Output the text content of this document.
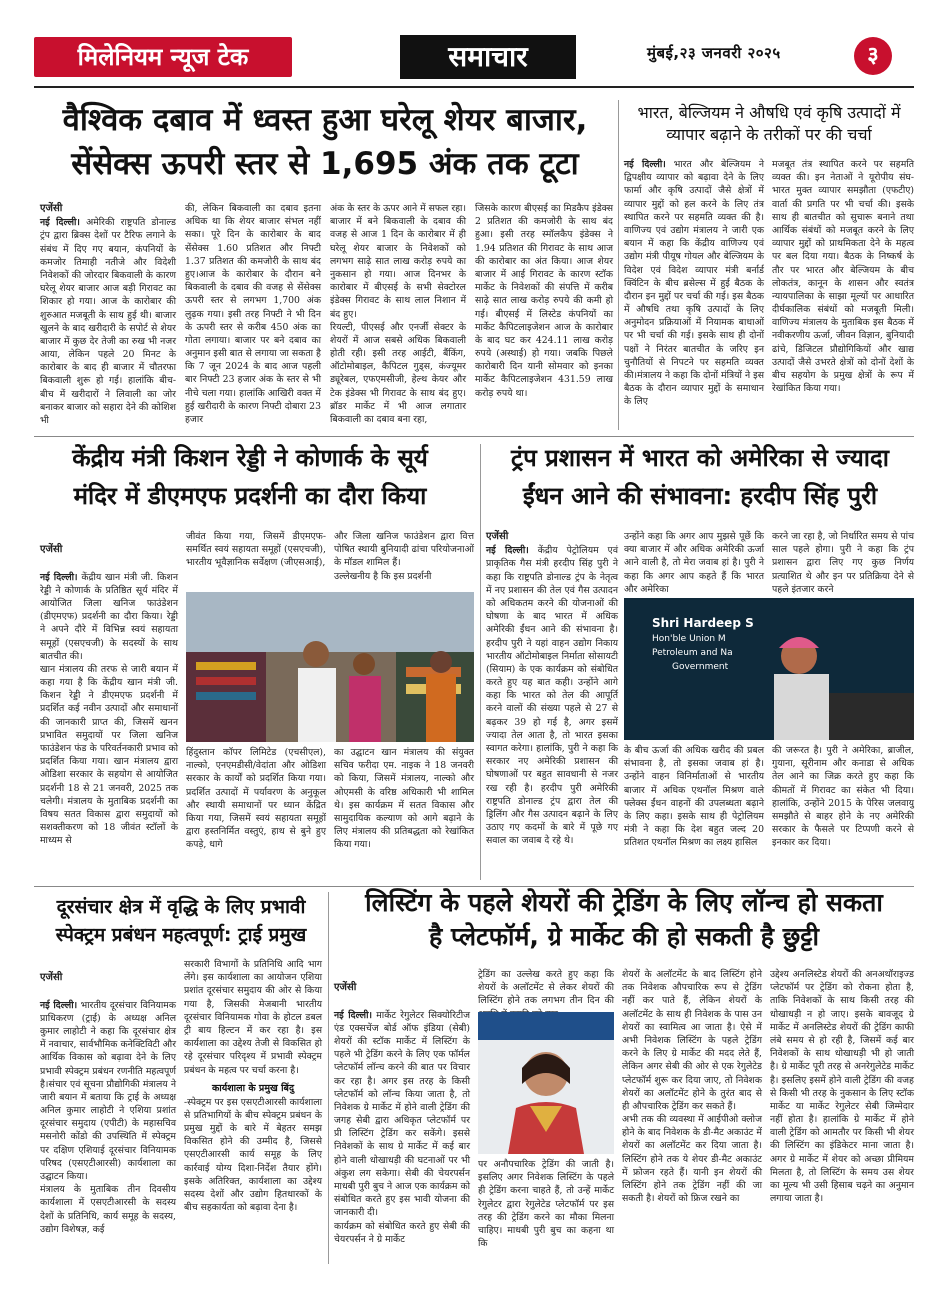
मिलेनियम न्यूज टेक	समाचार	मुंबई,२३ जनवरी २०२५	३
वैश्विक दबाव में ध्वस्त हुआ घरेलू शेयर बाजार,
सेंसेक्स ऊपरी स्तर से 1,695 अंक तक टूटा
एजेंसी
नई दिल्ली। अमेरिकी राष्ट्रपति डोनाल्ड ट्रंप द्वारा ब्रिक्स देशों पर टैरिफ लगाने के संबंध में दिए गए बयान, कंपनियों के कमजोर तिमाही नतीजे और विदेशी निवेशकों की जोरदार बिकवाली के कारण घरेलू शेयर बाजार आज बड़ी गिरावट का शिकार हो गया। आज के कारोबार की शुरुआत मजबूती के साथ हुई थी। बाजार खुलने के बाद खरीदारी के सपोर्ट से शेयर बाजार में कुछ देर तेजी का रुख भी नजर आया, लेकिन पहले 20 मिनट के कारोबार के बाद ही बाजार में चौतरफा बिकवाली शुरू हो गई। हालांकि बीच-बीच में खरीदारों ने लिवाली का जोर बनाकर बाजार को सहारा देने की कोशिश भी
की, लेकिन बिकवाली का दबाव इतना अधिक था कि शेयर बाजार संभल नहीं सका। पूरे दिन के कारोबार के बाद सेंसेक्स 1.60 प्रतिशत और निफ्टी 1.37 प्रतिशत की कमजोरी के साथ बंद हुए।आज के कारोबार के दौरान बने बिकवाली के दबाव की वजह से सेंसेक्स ऊपरी स्तर से लगभग 1,700 अंक लुढ़क गया। इसी तरह निफ्टी ने भी दिन के ऊपरी स्तर से करीब 450 अंक का गोता लगाया। बाजार पर बने दबाव का अनुमान इसी बात से लगाया जा सकता है कि 7 जून 2024 के बाद आज पहली बार निफ्टी 23 हजार अंक के स्तर से भी नीचे चला गया। हालांकि आखिरी वक्त में हुई खरीदारी के कारण निफ्टी दोबारा 23 हजार
अंक के स्तर के ऊपर आने में सफल रहा। बाजार में बने बिकवाली के दबाव की वजह से आज 1 दिन के कारोबार में ही घरेलू शेयर बाजार के निवेशकों को लगभग साढ़े सात लाख करोड़ रुपये का नुकसान हो गया। आज दिनभर के कारोबार में बीएसई के सभी सेक्टोरल इंडेक्स गिरावट के साथ लाल निशान में बंद हुए।
रियल्टी, पीएसई और एनर्जी सेक्टर के शेयरों में आज सबसे अधिक बिकवाली होती रही। इसी तरह आईटी, बैंकिंग, ऑटोमोबाइल, कैपिटल गुड्स, कंज्यूमर ड्यूरेबल, एफएमसीजी, हेल्थ केयर और टेक इंडेक्स भी गिरावट के साथ बंद हुए। ब्रॉडर मार्केट में भी आज लगातार बिकवाली का दबाव बना रहा,
जिसके कारण बीएसई का मिडकैप इंडेक्स 2 प्रतिशत की कमजोरी के साथ बंद हुआ। इसी तरह स्मॉलकैप इंडेक्स ने 1.94 प्रतिशत की गिरावट के साथ आज की कारोबार का अंत किया। आज शेयर बाजार में आई गिरावट के कारण स्टॉक मार्केट के निवेशकों की संपत्ति में करीब साढ़े सात लाख करोड़ रुपये की कमी हो गई। बीएसई में लिस्टेड कंपनियों का मार्केट कैपिटलाइजेशन आज के कारोबार के बाद घट कर 424.11 लाख करोड़ रुपये (अस्थाई) हो गया। जबकि पिछले कारोबारी दिन यानी सोमवार को इनका मार्केट कैपिटलाइजेशन 431.59 लाख करोड़ रुपये था।
भारत, बेल्जियम ने औषधि एवं कृषि उत्पादों में व्यापार बढ़ाने के तरीकों पर की चर्चा
नई दिल्ली। भारत और बेल्जियम ने द्विपक्षीय व्यापार को बढ़ावा देने के लिए फार्मा और कृषि उत्पादों जैसे क्षेत्रों में व्यापार मुद्दों को हल करने के लिए तंत्र स्थापित करने पर सहमति व्यक्त की है। वाणिज्य एवं उद्योग मंत्रालय ने जारी एक बयान में कहा कि केंद्रीय वाणिज्य एवं उद्योग मंत्री पीयूष गोयल और बेल्जियम के विदेश एवं विदेश व्यापार मंत्री बर्नार्ड क्विंटिन के बीच ब्रसेल्स में हुई बैठक के दौरान इन मुद्दों पर चर्चा की गई। इस बैठक में औषधि तथा कृषि उत्पादों के लिए अनुमोदन प्रक्रियाओं में नियामक बाधाओं पर भी चर्चा की गई। इसके साथ ही दोनों पक्षों ने निरंतर बातचीत के जरिए इन चुनौतियों से निपटने पर सहमति व्यक्त की।मंत्रालय ने कहा कि दोनों मंत्रियों ने इस बैठक के दौरान व्यापार मुद्दों के समाधान के लिए
मजबूत तंत्र स्थापित करने पर सहमति व्यक्त की। इन नेताओं ने यूरोपीय संघ-भारत मुक्त व्यापार समझौता (एफटीए) वार्ता की प्रगति पर भी चर्चा की। इसके साथ ही बातचीत को सुचारू बनाने तथा आर्थिक संबंधों को मजबूत करने के लिए व्यापार मुद्दों को प्राथमिकता देने के महत्व पर बल दिया गया। बैठक के निष्कर्ष के तौर पर भारत और बेल्जियम के बीच लोकतंत्र, कानून के शासन और स्वतंत्र न्यायपालिका के साझा मूल्यों पर आधारित दीर्घकालिक संबंधों को मजबूती मिली। वाणिज्य मंत्रालय के मुताबिक इस बैठक में नवीकरणीय ऊर्जा, जीवन विज्ञान, बुनियादी ढांचे, डिजिटल प्रौद्योगिकियों और खाद्य उत्पादों जैसे उभरते क्षेत्रों को दोनों देशों के बीच सहयोग के प्रमुख क्षेत्रों के रूप में रेखांकित किया गया।
केंद्रीय मंत्री किशन रेड्डी ने कोणार्क के सूर्य
मंदिर में डीएमएफ प्रदर्शनी का दौरा किया

एजेंसी

नई दिल्ली। केंद्रीय खान मंत्री जी. किशन रेड्डी ने कोणार्क के प्रतिष्ठित सूर्य मंदिर में आयोजित जिला खनिज फाउंडेशन (डीएमएफ) प्रदर्शनी का दौरा किया। रेड्डी ने अपने दौरे में विभिन्न स्वयं सहायता समूहों (एसएचजी) के सदस्यों के साथ बातचीत की।
खान मंत्रालय की तरफ से जारी बयान में कहा गया है कि केंद्रीय खान मंत्री जी. किशन रेड्डी ने डीएमएफ प्रदर्शनी में प्रदर्शित कई नवीन उत्पादों और समाधानों की जानकारी प्राप्त की, जिसमें खनन प्रभावित समुदायों पर जिला खनिज फाउंडेशन फंड के परिवर्तनकारी प्रभाव को प्रदर्शित किया गया। खान मंत्रालय द्वारा ओडिशा सरकार के सहयोग से आयोजित प्रदर्शनी 18 से 21 जनवरी, 2025 तक चलेगी। मंत्रालय के मुताबिक प्रदर्शनी का विषय सतत विकास द्वारा समुदायों को सशक्तीकरण को 18 जीवंत स्टॉलों के माध्यम से

जीवंत किया गया, जिसमें डीएमएफ-समर्थित स्वयं सहायता समूहों (एसएचजी), भारतीय भूवैज्ञानिक सर्वेक्षण (जीएसआई),
और जिला खनिज फाउंडेशन द्वारा वित्त पोषित स्थायी बुनियादी ढांचा परियोजनाओं के मॉडल शामिल हैं।
उल्लेखनीय है कि इस प्रदर्शनी
हिंदुस्तान कॉपर लिमिटेड (एचसीएल), नाल्को, एनएमडीसी/वेदांता और ओडिशा सरकार के कार्यों को प्रदर्शित किया गया। प्रदर्शित उत्पादों में पर्यावरण के अनुकूल और स्थायी समाधानों पर ध्यान केंद्रित किया गया, जिसमें स्वयं सहायता समूहों द्वारा हस्तनिर्मित वस्तुएं, हाथ से बुने हुए कपड़े, धागे
का उद्घाटन खान मंत्रालय की संयुक्त सचिव फरीदा एम. नाइक ने 18 जनवरी को किया, जिसमें मंत्रालय, नाल्को और ओएमसी के वरिष्ठ अधिकारी भी शामिल थे। इस कार्यक्रम में सतत विकास और सामुदायिक कल्याण को आगे बढ़ाने के लिए मंत्रालय की प्रतिबद्धता को रेखांकित किया गया।
ट्रंप प्रशासन में भारत को अमेरिका से ज्यादा
ईंधन आने की संभावना: हरदीप सिंह पुरी
एजेंसी
नई दिल्ली। केंद्रीय पेट्रोलियम एवं प्राकृतिक गैस मंत्री हरदीप सिंह पुरी ने कहा कि राष्ट्रपति डोनाल्ड ट्रंप के नेतृत्व में नए प्रशासन की तेल एवं गैस उत्पादन को अधिकतम करने की योजनाओं की घोषणा के बाद भारत में अधिक अमेरिकी ईंधन आने की संभावना है। हरदीप पुरी ने यहां वाहन उद्योग निकाय भारतीय ऑटोमोबाइल निर्माता सोसायटी (सियाम) के एक कार्यक्रम को संबोधित करते हुए यह बात कही। उन्होंने आगे कहा कि भारत को तेल की आपूर्ति करने वालों की संख्या पहले से 27 से बढ़कर 39 हो गई है, अगर इसमें ज्यादा तेल आता है, तो भारत इसका स्वागत करेगा। हालांकि, पुरी ने कहा कि सरकार नए अमेरिकी प्रशासन की घोषणाओं पर बहुत सावधानी से नजर रख रही है। हरदीप पुरी अमेरिकी राष्ट्रपति डोनाल्ड ट्रंप द्वारा तेल की ड्रिलिंग और गैस उत्पादन बढ़ाने के लिए उठाए गए कदमों के बारे में पूछे गए सवाल का जवाब दे रहे थे।
उन्होंने कहा कि अगर आप मुझसे पूछें कि क्या बाजार में और अधिक अमेरिकी ऊर्जा आने वाली है, तो मेरा जवाब हां है। पुरी ने कहा कि अगर आप कहते हैं कि भारत और अमेरिका
करने जा रहा है, जो निर्धारित समय से पांच साल पहले होगा। पुरी ने कहा कि ट्रंप प्रशासन द्वारा लिए गए कुछ निर्णय प्रत्याशित थे और इन पर प्रतिक्रिया देने से पहले इंतजार करने
Shri Hardeep S
Hon'ble Union M
Petroleum and Na
Government
के बीच ऊर्जा की अधिक खरीद की प्रबल संभावना है, तो इसका जवाब हां है। उन्होंने वाहन विनिर्माताओं से भारतीय बाजार में अधिक एथनॉल मिश्रण वाले फ्लेक्स ईंधन वाहनों की उपलब्धता बढ़ाने के लिए कहा। इसके साथ ही पेट्रोलियम मंत्री ने कहा कि देश बहुत जल्द 20 प्रतिशत एथनॉल मिश्रण का लक्ष्य हासिल
की जरूरत है। पुरी ने अमेरिका, ब्राजील, गुयाना, सूरीनाम और कनाडा से अधिक तेल आने का जिक्र करते हुए कहा कि कीमतों में गिरावट का संकेत भी दिया। हालांकि, उन्होंने 2015 के पेरिस जलवायु समझौते से बाहर होने के नए अमेरिकी सरकार के फैसले पर टिप्पणी करने से इनकार कर दिया।
दूरसंचार क्षेत्र में वृद्धि के लिए प्रभावी
स्पेक्ट्रम प्रबंधन महत्वपूर्ण: ट्राई प्रमुख

एजेंसी

नई दिल्ली। भारतीय दूरसंचार विनियामक प्राधिकरण (ट्राई) के अध्यक्ष अनिल कुमार लाहोटी ने कहा कि दूरसंचार क्षेत्र में नवाचार, सार्वभौमिक कनेक्टिविटी और आर्थिक विकास को बढ़ावा देने के लिए प्रभावी स्पेक्ट्रम प्रबंधन रणनीति महत्वपूर्ण है।संचार एवं सूचना प्रौद्योगिकी मंत्रालय ने जारी बयान में बताया कि ट्राई के अध्यक्ष अनिल कुमार लाहोटी ने एशिया प्रशांत दूरसंचार समुदाय (एपीटी) के महासचिव मसनोरी कोंडो की उपस्थिति में स्पेक्ट्रम पर दक्षिण एशियाई दूरसंचार विनियामक परिषद (एसएटीआरसी) कार्यशाला का उद्घाटन किया।
मंत्रालय के मुताबिक तीन दिवसीय कार्यशाला में एसएटीआरसी के सदस्य देशों के प्रतिनिधि, कार्य समूह के सदस्य, उद्योग विशेषज्ञ, कई

सरकारी विभागों के प्रतिनिधि आदि भाग लेंगे। इस कार्यशाला का आयोजन एशिया प्रशांत दूरसंचार समुदाय की ओर से किया गया है, जिसकी मेजबानी भारतीय दूरसंचार विनियामक गोवा के होटल डबल ट्री बाय हिल्टन में कर रहा है। इस कार्यशाला का उद्देश्य तेजी से विकसित हो रहे दूरसंचार परिदृश्य में प्रभावी स्पेक्ट्रम प्रबंधन के महत्व पर चर्चा करना है।
कार्यशाला के प्रमुख बिंदु
-स्पेक्ट्रम पर इस एसएटीआरसी कार्यशाला से प्रतिभागियों के बीच स्पेक्ट्रम प्रबंधन के प्रमुख मुद्दों के बारे में बेहतर समझ विकसित होने की उम्मीद है, जिससे एसएटीआरसी कार्य समूह के लिए कार्रवाई योग्य दिशा-निर्देश तैयार होंगे। इसके अतिरिक्त, कार्यशाला का उद्देश्य सदस्य देशों और उद्योग हितधारकों के बीच सहकार्यता को बढ़ावा देना है।
लिस्टिंग के पहले शेयरों की ट्रेडिंग के लिए लॉन्च हो सकता
है प्लेटफॉर्म, ग्रे मार्केट की हो सकती है छुट्टी

एजेंसी

नई दिल्ली। मार्केट रेगुलेटर सिक्योरिटीज एंड एक्सचेंज बोर्ड ऑफ इंडिया (सेबी) शेयरों की स्टॉक मार्केट में लिस्टिंग के पहले भी ट्रेडिंग करने के लिए एक फॉर्मल प्लेटफॉर्म लॉन्च करने की बात पर विचार कर रहा है। अगर इस तरह के किसी प्लेटफॉर्म को लॉन्च किया जाता है, तो निवेशक ग्रे मार्केट में होने वाली ट्रेडिंग की जगह सेबी द्वारा अधिकृत प्लेटफॉर्म पर प्री लिस्टिंग ट्रेडिंग कर सकेंगे। इससे निवेशकों के साथ ग्रे मार्केट में कई बार होने वाली धोखाधड़ी की घटनाओं पर भी अंकुश लग सकेगा। सेबी की चेयरपर्सन माधबी पुरी बुच ने आज एक कार्यक्रम को संबोधित करते हुए इस भावी योजना की जानकारी दी।
कार्यक्रम को संबोधित करते हुए सेबी की चेयरपर्सन ने ग्रे मार्केट

ट्रेडिंग का उल्लेख करते हुए कहा कि शेयरों के अलॉटमेंट से लेकर शेयरों की लिस्टिंग होने तक लगभग तीन दिन की
पर अनौपचारिक ट्रेडिंग की जाती है। इसलिए अगर निवेशक लिस्टिंग के पहले ही ट्रेडिंग करना चाहते हैं, तो उन्हें मार्केट रेगुलेटर द्वारा रेगुलेटेड प्लेटफॉर्म पर इस तरह की ट्रेडिंग करने का मौका मिलना चाहिए। माधबी पुरी बुच का कहना था कि
शेयरों के अलॉटमेंट के बाद लिस्टिंग होने तक निवेशक औपचारिक रूप से ट्रेडिंग नहीं कर पाते हैं, लेकिन शेयरों के अलॉटमेंट के साथ ही निवेशक के पास उन शेयरों का स्वामित्व आ जाता है। ऐसे में अभी निवेशक लिस्टिंग के पहले ट्रेडिंग करने के लिए ग्रे मार्केट की मदद लेते हैं, लेकिन अगर सेबी की ओर से एक रेगुलेटेड प्लेटफॉर्म शुरू कर दिया जाए, तो निवेशक शेयरों का अलॉटमेंट होने के तुरंत बाद से ही औपचारिक ट्रेडिंग कर सकते हैं।
अभी तक की व्यवस्था में आईपीओ क्लोज होने के बाद निवेशक के डी-मैट अकाउंट में शेयरों का अलॉटमेंट कर दिया जाता है। लिस्टिंग होने तक ये शेयर डी-मैट अकाउंट में फ्रोजन रहते हैं। यानी इन शेयरों की लिस्टिंग होने तक ट्रेडिंग नहीं की जा सकती है। शेयरों को फ्रिज रखने का
उद्देश्य अनलिस्टेड शेयरों की अनअथॉराइज्ड प्लेटफॉर्म पर ट्रेडिंग को रोकना होता है, ताकि निवेशकों के साथ किसी तरह की धोखाधड़ी न हो जाए। इसके बावजूद ग्रे मार्केट में अनलिस्टेड शेयरों की ट्रेडिंग काफी लंबे समय से हो रही है, जिसमें कई बार निवेशकों के साथ धोखाधड़ी भी हो जाती है। ग्रे मार्केट पूरी तरह से अनरेगुलेटेड मार्केट है। इसलिए इसमें होने वाली ट्रेडिंग की वजह से किसी भी तरह के नुकसान के लिए स्टॉक मार्केट या मार्केट रेगुलेटर सेबी जिम्मेदार नहीं होता है। हालांकि ग्रे मार्केट में होने वाली ट्रेडिंग को आमतौर पर किसी भी शेयर की लिस्टिंग का इंडिकेटर माना जाता है। अगर ग्रे मार्केट में शेयर को अच्छा प्रीमियम मिलता है, तो लिस्टिंग के समय उस शेयर का मूल्य भी उसी हिसाब चढ़ने का अनुमान लगाया जाता है।
